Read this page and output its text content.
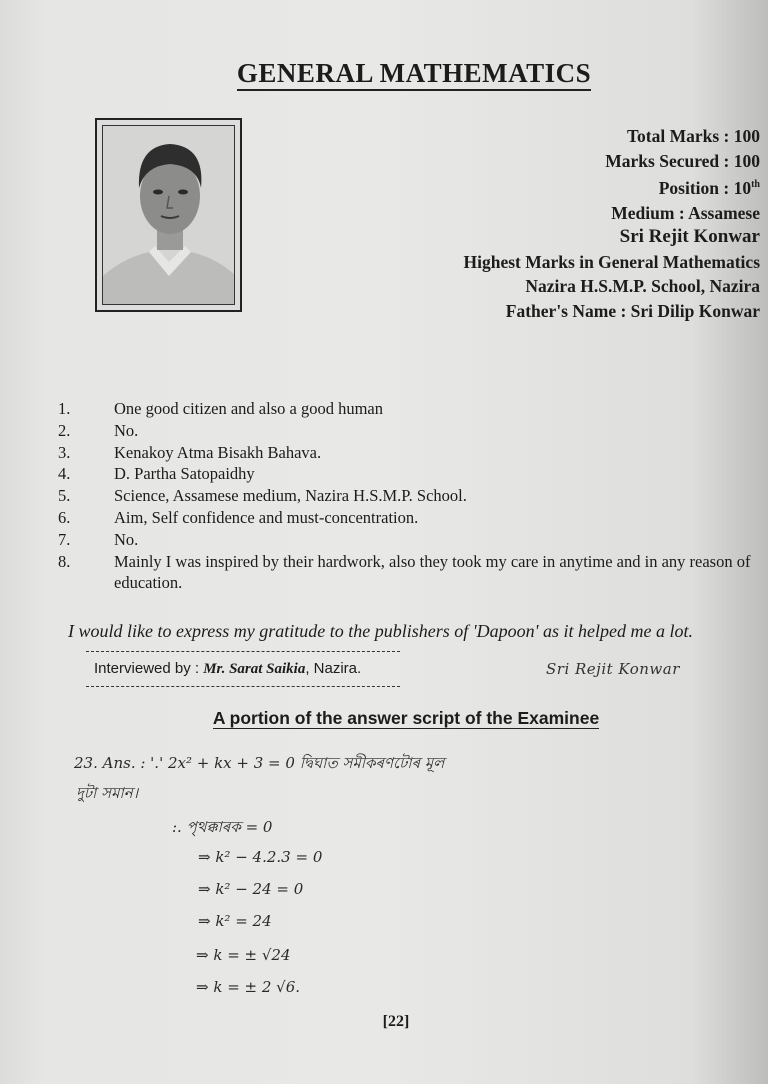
GENERAL MATHEMATICS
Total Marks : 100
Marks Secured : 100
Position : 10th
Medium : Assamese
Sri Rejit Konwar
Highest Marks in General Mathematics
Nazira H.S.M.P. School, Nazira
Father's Name : Sri Dilip Konwar
1.	One good citizen and also a good human
2.	No.
3.	Kenakoy Atma Bisakh Bahava.
4.	D. Partha Satopaidhy
5.	Science, Assamese medium, Nazira H.S.M.P. School.
6.	Aim, Self confidence and must-concentration.
7.	No.
8.	Mainly I was inspired by their hardwork, also they took my care in anytime and in any reason of education.
I would like to express my gratitude to the publishers of 'Dapoon' as it helped me a lot.
Interviewed by : Mr. Sarat Saikia, Nazira.	Sri Rejit Konwar
A portion of the answer script of the Examinee
23. Ans. : '.' 2x² + kx + 3 = 0 দ্বিঘাত সমীকৰণটোৰ মূল
দুটা সমান।
:. পৃথক্কাৰক = 0
⇒ k² − 4.2.3 = 0
⇒ k² − 24 = 0
⇒ k² = 24
⇒ k = ± √24
⇒ k = ± 2 √6.
[22]
